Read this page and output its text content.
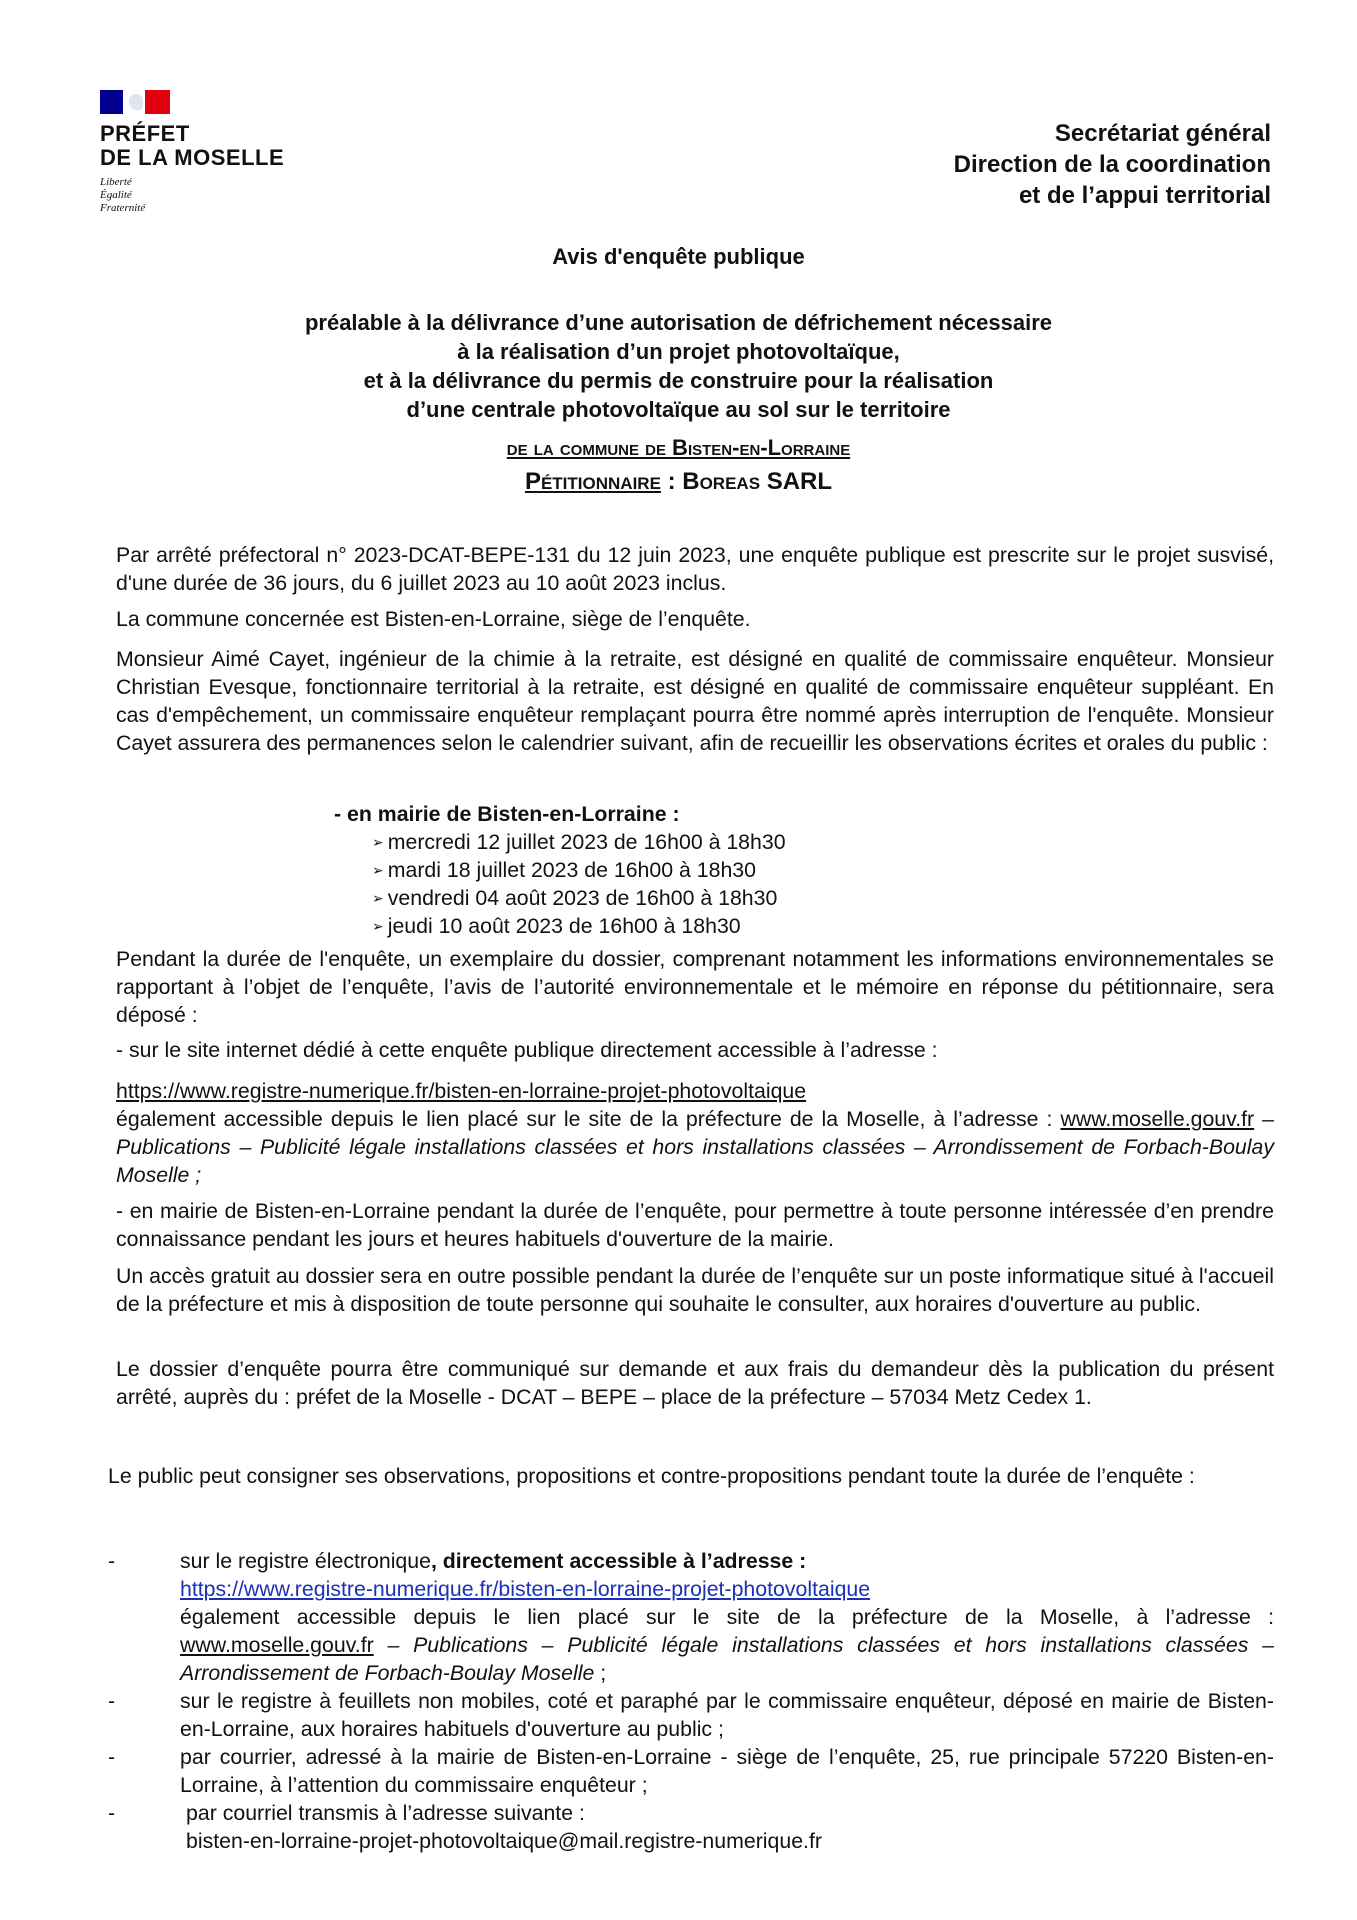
PRÉFET
DE LA MOSELLE
Liberté
Égalité
Fraternité
Secrétariat général
Direction de la coordination
et de l’appui territorial
Avis d'enquête publique
préalable à la délivrance d’une autorisation de défrichement nécessaire
à la réalisation d’un projet photovoltaïque,
et à la délivrance du permis de construire pour la réalisation
d’une centrale photovoltaïque au sol sur le territoire
de la commune de Bisten-en-Lorraine
Pétitionnaire : Boreas SARL

Par arrêté préfectoral n° 2023-DCAT-BEPE-131 du 12 juin 2023, une enquête publique est prescrite sur le projet susvisé, d'une durée de 36 jours, du 6 juillet 2023 au 10 août 2023 inclus.

La commune concernée est Bisten-en-Lorraine, siège de l’enquête.

Monsieur Aimé Cayet, ingénieur de la chimie à la retraite, est désigné en qualité de commissaire enquêteur. Monsieur Christian Evesque, fonctionnaire territorial à la retraite, est désigné en qualité de commissaire enquêteur suppléant. En cas d'empêchement, un commissaire enquêteur remplaçant pourra être nommé après interruption de l'enquête. Monsieur Cayet assurera des permanences selon le calendrier suivant, afin de recueillir les observations écrites et orales du public :

- en mairie de Bisten-en-Lorraine :
➢ mercredi 12 juillet 2023 de 16h00 à 18h30
➢ mardi 18 juillet 2023 de 16h00 à 18h30
➢ vendredi 04 août 2023 de 16h00 à 18h30
➢ jeudi 10 août 2023 de 16h00 à 18h30

Pendant la durée de l'enquête, un exemplaire du dossier, comprenant notamment les informations environnementales se rapportant à l’objet de l’enquête, l’avis de l’autorité environnementale et le mémoire en réponse du pétitionnaire, sera déposé :

- sur le site internet dédié à cette enquête publique directement accessible à l’adresse :

https://www.registre-numerique.fr/bisten-en-lorraine-projet-photovoltaique

également accessible depuis le lien placé sur le site de la préfecture de la Moselle, à l’adresse : www.moselle.gouv.fr – Publications – Publicité légale installations classées et hors installations classées – Arrondissement de Forbach-Boulay Moselle ;

- en mairie de Bisten-en-Lorraine pendant la durée de l’enquête, pour permettre à toute personne intéressée d’en prendre connaissance pendant les jours et heures habituels d'ouverture de la mairie.

Un accès gratuit au dossier sera en outre possible pendant la durée de l’enquête sur un poste informatique situé à l'accueil de la préfecture et mis à disposition de toute personne qui souhaite le consulter, aux horaires d'ouverture au public.

Le dossier d’enquête pourra être communiqué sur demande et aux frais du demandeur dès la publication du présent arrêté, auprès du : préfet de la Moselle - DCAT – BEPE – place de la préfecture – 57034 Metz Cedex 1.

Le public peut consigner ses observations, propositions et contre-propositions pendant toute la durée de l’enquête :

-	sur le registre électronique, directement accessible à l’adresse :
https://www.registre-numerique.fr/bisten-en-lorraine-projet-photovoltaique
également accessible depuis le lien placé sur le site de la préfecture de la Moselle, à l’adresse : www.moselle.gouv.fr – Publications – Publicité légale installations classées et hors installations classées – Arrondissement de Forbach-Boulay Moselle ;
-	sur le registre à feuillets non mobiles, coté et paraphé par le commissaire enquêteur, déposé en mairie de Bisten-en-Lorraine, aux horaires habituels d'ouverture au public ;
-	par courrier, adressé à la mairie de Bisten-en-Lorraine - siège de l’enquête, 25, rue principale 57220 Bisten-en-Lorraine, à l’attention du commissaire enquêteur ;
-	par courriel transmis à l’adresse suivante :
bisten-en-lorraine-projet-photovoltaique@mail.registre-numerique.fr
